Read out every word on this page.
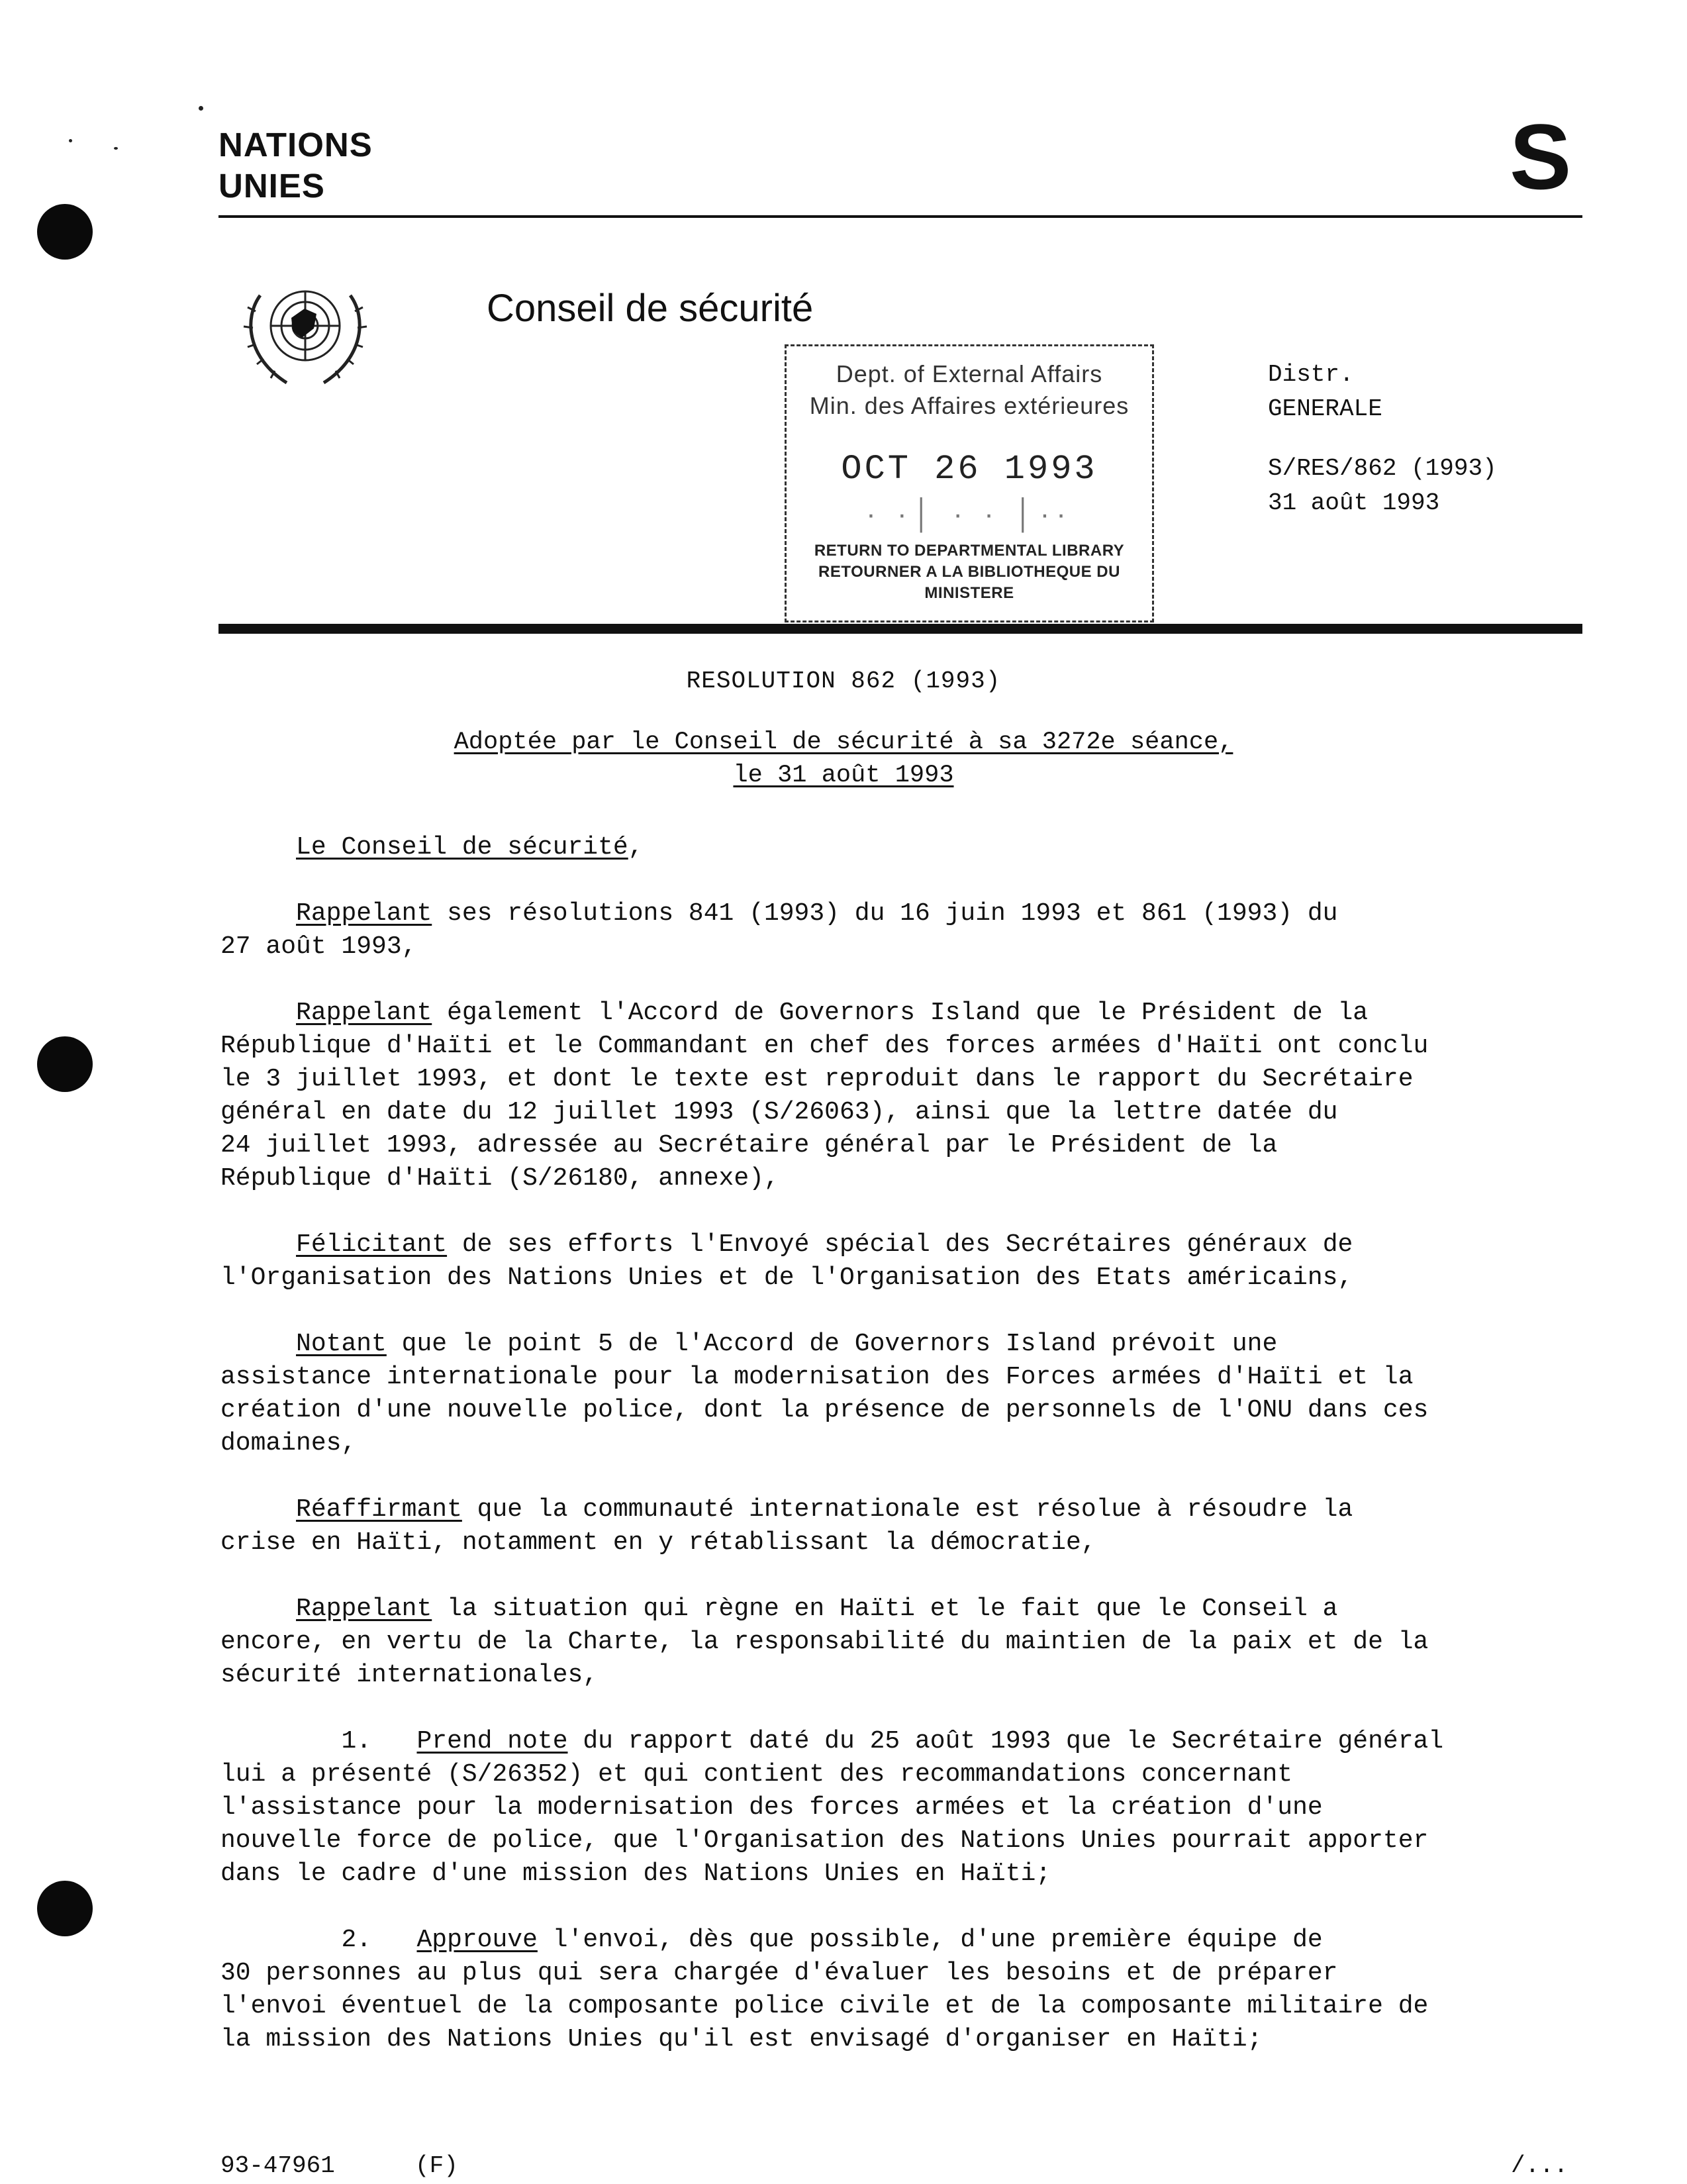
NATIONS
UNIES	S
Conseil de sécurité
Dept. of External Affairs
Min. des Affaires extérieures
OCT 26 1993
· ·│ · · │··
RETURN TO DEPARTMENTAL LIBRARY
RETOURNER A LA BIBLIOTHEQUE DU MINISTERE
Distr.
GENERALE
S/RES/862 (1993)
31 août 1993
RESOLUTION 862 (1993)
Adoptée par le Conseil de sécurité à sa 3272e séance,
le 31 août 1993
Le Conseil de sécurité,
Rappelant ses résolutions 841 (1993) du 16 juin 1993 et 861 (1993) du
27 août 1993,
Rappelant également l'Accord de Governors Island que le Président de la
République d'Haïti et le Commandant en chef des forces armées d'Haïti ont conclu
le 3 juillet 1993, et dont le texte est reproduit dans le rapport du Secrétaire
général en date du 12 juillet 1993 (S/26063), ainsi que la lettre datée du
24 juillet 1993, adressée au Secrétaire général par le Président de la
République d'Haïti (S/26180, annexe),
Félicitant de ses efforts l'Envoyé spécial des Secrétaires généraux de
l'Organisation des Nations Unies et de l'Organisation des Etats américains,
Notant que le point 5 de l'Accord de Governors Island prévoit une
assistance internationale pour la modernisation des Forces armées d'Haïti et la
création d'une nouvelle police, dont la présence de personnels de l'ONU dans ces
domaines,
Réaffirmant que la communauté internationale est résolue à résoudre la
crise en Haïti, notamment en y rétablissant la démocratie,
Rappelant la situation qui règne en Haïti et le fait que le Conseil a
encore, en vertu de la Charte, la responsabilité du maintien de la paix et de la
sécurité internationales,
1. Prend note du rapport daté du 25 août 1993 que le Secrétaire général
lui a présenté (S/26352) et qui contient des recommandations concernant
l'assistance pour la modernisation des forces armées et la création d'une
nouvelle force de police, que l'Organisation des Nations Unies pourrait apporter
dans le cadre d'une mission des Nations Unies en Haïti;
2. Approuve l'envoi, dès que possible, d'une première équipe de
30 personnes au plus qui sera chargée d'évaluer les besoins et de préparer
l'envoi éventuel de la composante police civile et de la composante militaire de
la mission des Nations Unies qu'il est envisagé d'organiser en Haïti;
93-47961	(F)	/...
